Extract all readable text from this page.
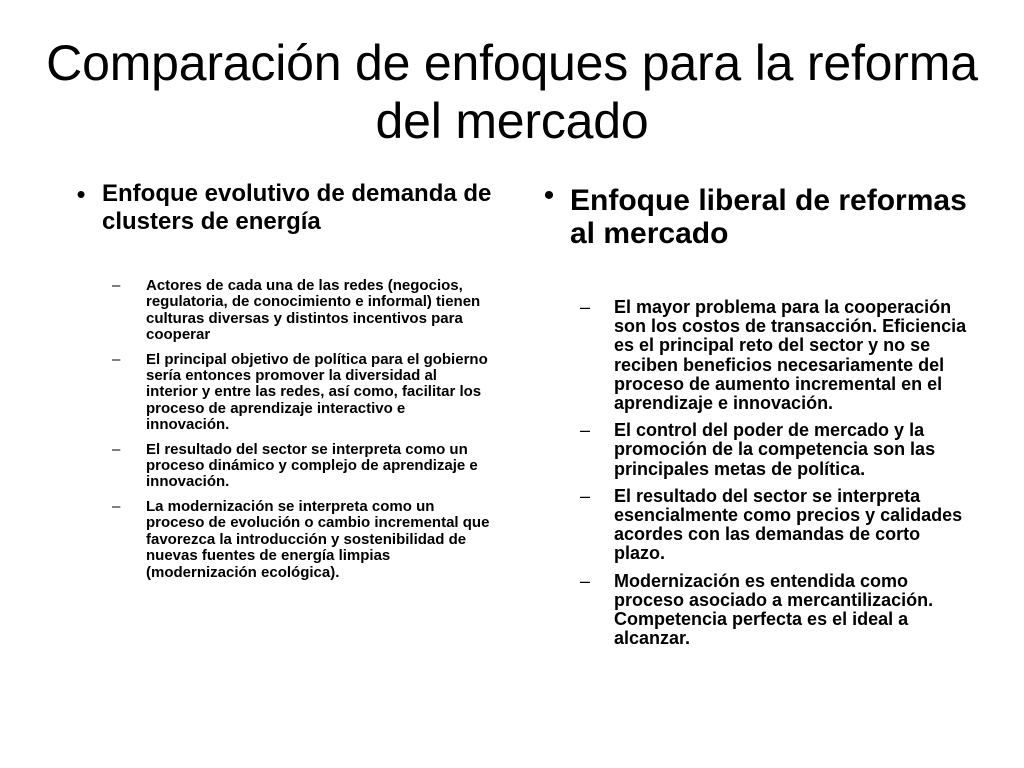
Comparación de enfoques para la reforma del mercado
• Enfoque evolutivo de demanda de clusters de energía
–	Actores de cada una de las redes (negocios, regulatoria, de conocimiento e informal) tienen culturas diversas y distintos incentivos para cooperar
–	El principal objetivo de política para el gobierno sería entonces promover la diversidad al interior y entre las redes, así como, facilitar los proceso de aprendizaje interactivo e innovación.
–	El resultado del sector se interpreta como un proceso dinámico y complejo de aprendizaje e innovación.
–	La modernización se interpreta como un proceso de evolución o cambio incremental que favorezca la introducción y sostenibilidad de nuevas fuentes de energía limpias (modernización ecológica).
• Enfoque liberal de reformas al mercado
–	El mayor problema para la cooperación son los costos de transacción. Eficiencia es el principal reto del sector y no se reciben beneficios necesariamente del proceso de aumento incremental en el aprendizaje e innovación.
–	El control del poder de mercado y la promoción de la competencia son las principales metas de política.
–	El resultado del sector se interpreta esencialmente como precios y calidades acordes con las demandas de corto plazo.
–	Modernización es entendida como proceso asociado a mercantilización. Competencia perfecta es el ideal a alcanzar.
